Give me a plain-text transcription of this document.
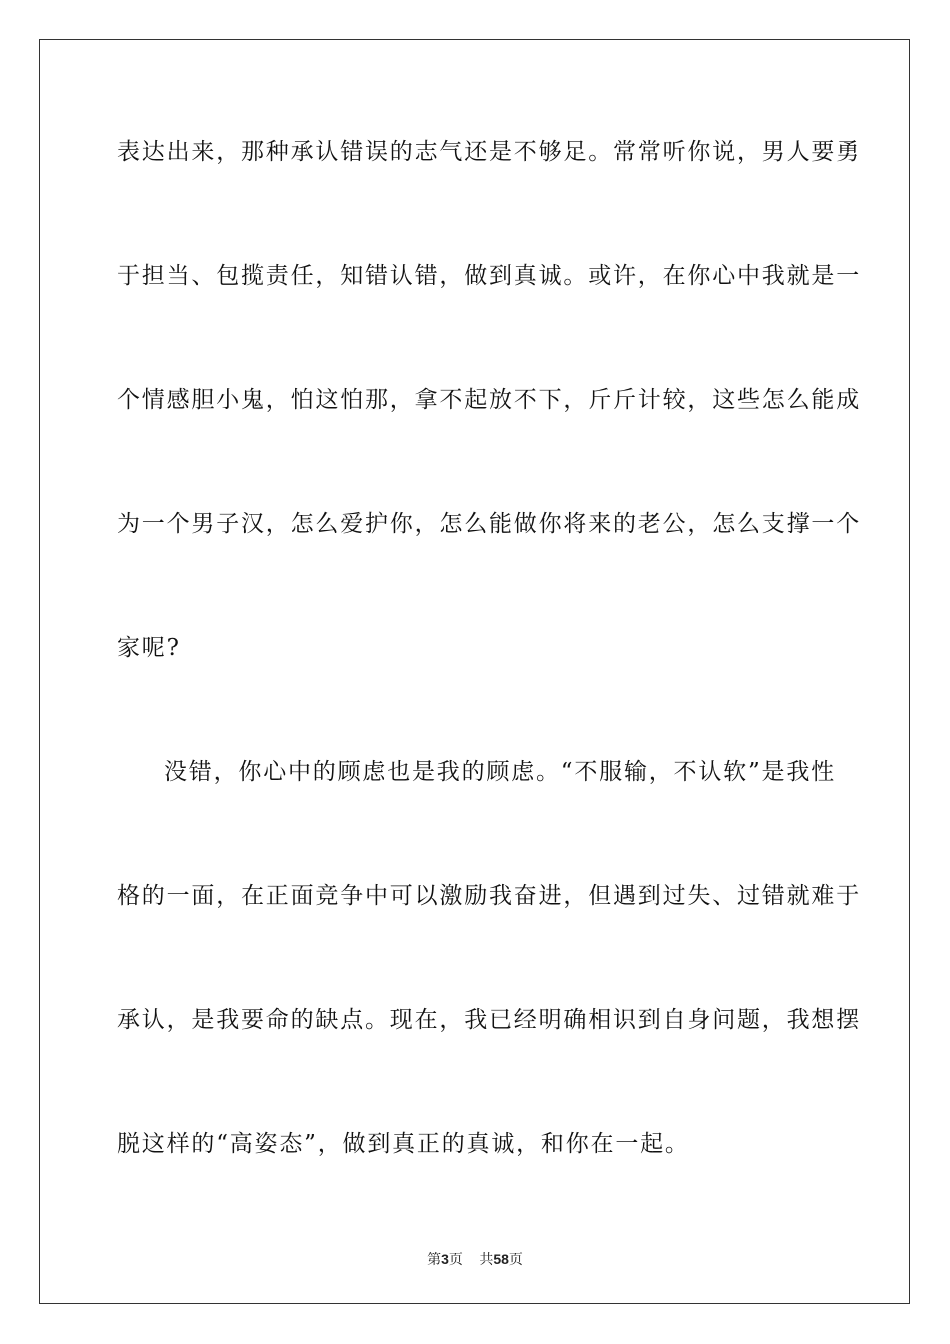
表达出来，那种承认错误的志气还是不够足。常常听你说，男人要勇
于担当、包揽责任，知错认错，做到真诚。或许，在你心中我就是一
个情感胆小鬼，怕这怕那，拿不起放不下，斤斤计较，这些怎么能成
为一个男子汉，怎么爱护你，怎么能做你将来的老公，怎么支撑一个
家呢?
没错，你心中的顾虑也是我的顾虑。“不服输，不认软”是我性
格的一面，在正面竞争中可以激励我奋进，但遇到过失、过错就难于
承认，是我要命的缺点。现在，我已经明确相识到自身问题，我想摆
脱这样的“高姿态”，做到真正的真诚，和你在一起。
第3页 共58页
